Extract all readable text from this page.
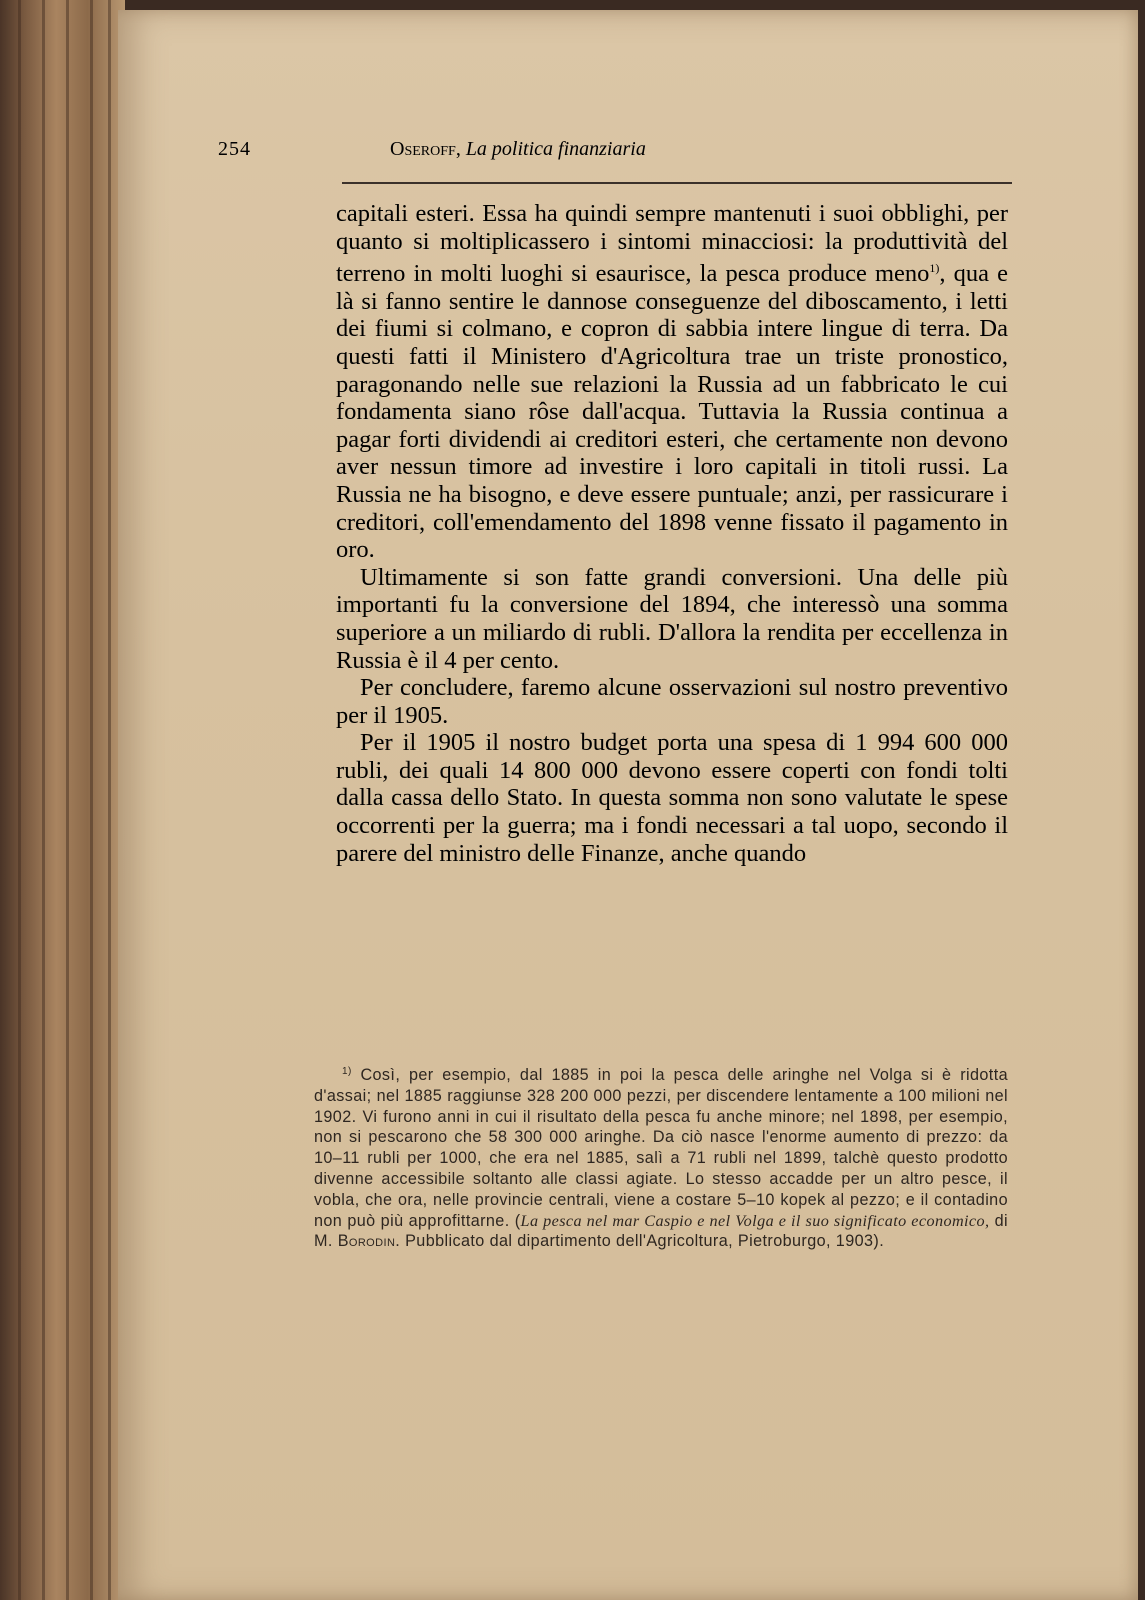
254	Oseroff, La politica finanziaria

capitali esteri. Essa ha quindi sempre mantenuti i suoi obblighi, per quanto si moltiplicassero i sintomi minacciosi: la produttività del terreno in molti luoghi si esaurisce, la pesca produce meno$^{1)}$, qua e là si fanno sentire le dannose conseguenze del diboscamento, i letti dei fiumi si colmano, e copron di sabbia intere lingue di terra. Da questi fatti il Ministero d'Agricoltura trae un triste pronostico, paragonando nelle sue relazioni la Russia ad un fabbricato le cui fondamenta siano rôse dall'acqua. Tuttavia la Russia continua a pagar forti dividendi ai creditori esteri, che certamente non devono aver nessun timore ad investire i loro capitali in titoli russi. La Russia ne ha bisogno, e deve essere puntuale; anzi, per rassicurare i creditori, coll'emendamento del 1898 venne fissato il pagamento in oro.

Ultimamente si son fatte grandi conversioni. Una delle più importanti fu la conversione del 1894, che interessò una somma superiore a un miliardo di rubli. D'allora la rendita per eccellenza in Russia è il 4 per cento.

Per concludere, faremo alcune osservazioni sul nostro preventivo per il 1905.

Per il 1905 il nostro budget porta una spesa di 1 994 600 000 rubli, dei quali 14 800 000 devono essere coperti con fondi tolti dalla cassa dello Stato. In questa somma non sono valutate le spese occorrenti per la guerra; ma i fondi necessari a tal uopo, secondo il parere del ministro delle Finanze, anche quando

$^{1)}$ Così, per esempio, dal 1885 in poi la pesca delle aringhe nel Volga si è ridotta d'assai; nel 1885 raggiunse 328 200 000 pezzi, per discendere lentamente a 100 milioni nel 1902. Vi furono anni in cui il risultato della pesca fu anche minore; nel 1898, per esempio, non si pescarono che 58 300 000 aringhe. Da ciò nasce l'enorme aumento di prezzo: da 10–11 rubli per 1000, che era nel 1885, salì a 71 rubli nel 1899, talchè questo prodotto divenne accessibile soltanto alle classi agiate. Lo stesso accadde per un altro pesce, il vobla, che ora, nelle provincie centrali, viene a costare 5–10 kopek al pezzo; e il contadino non può più approfittarne. (La pesca nel mar Caspio e nel Volga e il suo significato economico, di M. Borodin. Pubblicato dal dipartimento dell'Agricoltura, Pietroburgo, 1903).
